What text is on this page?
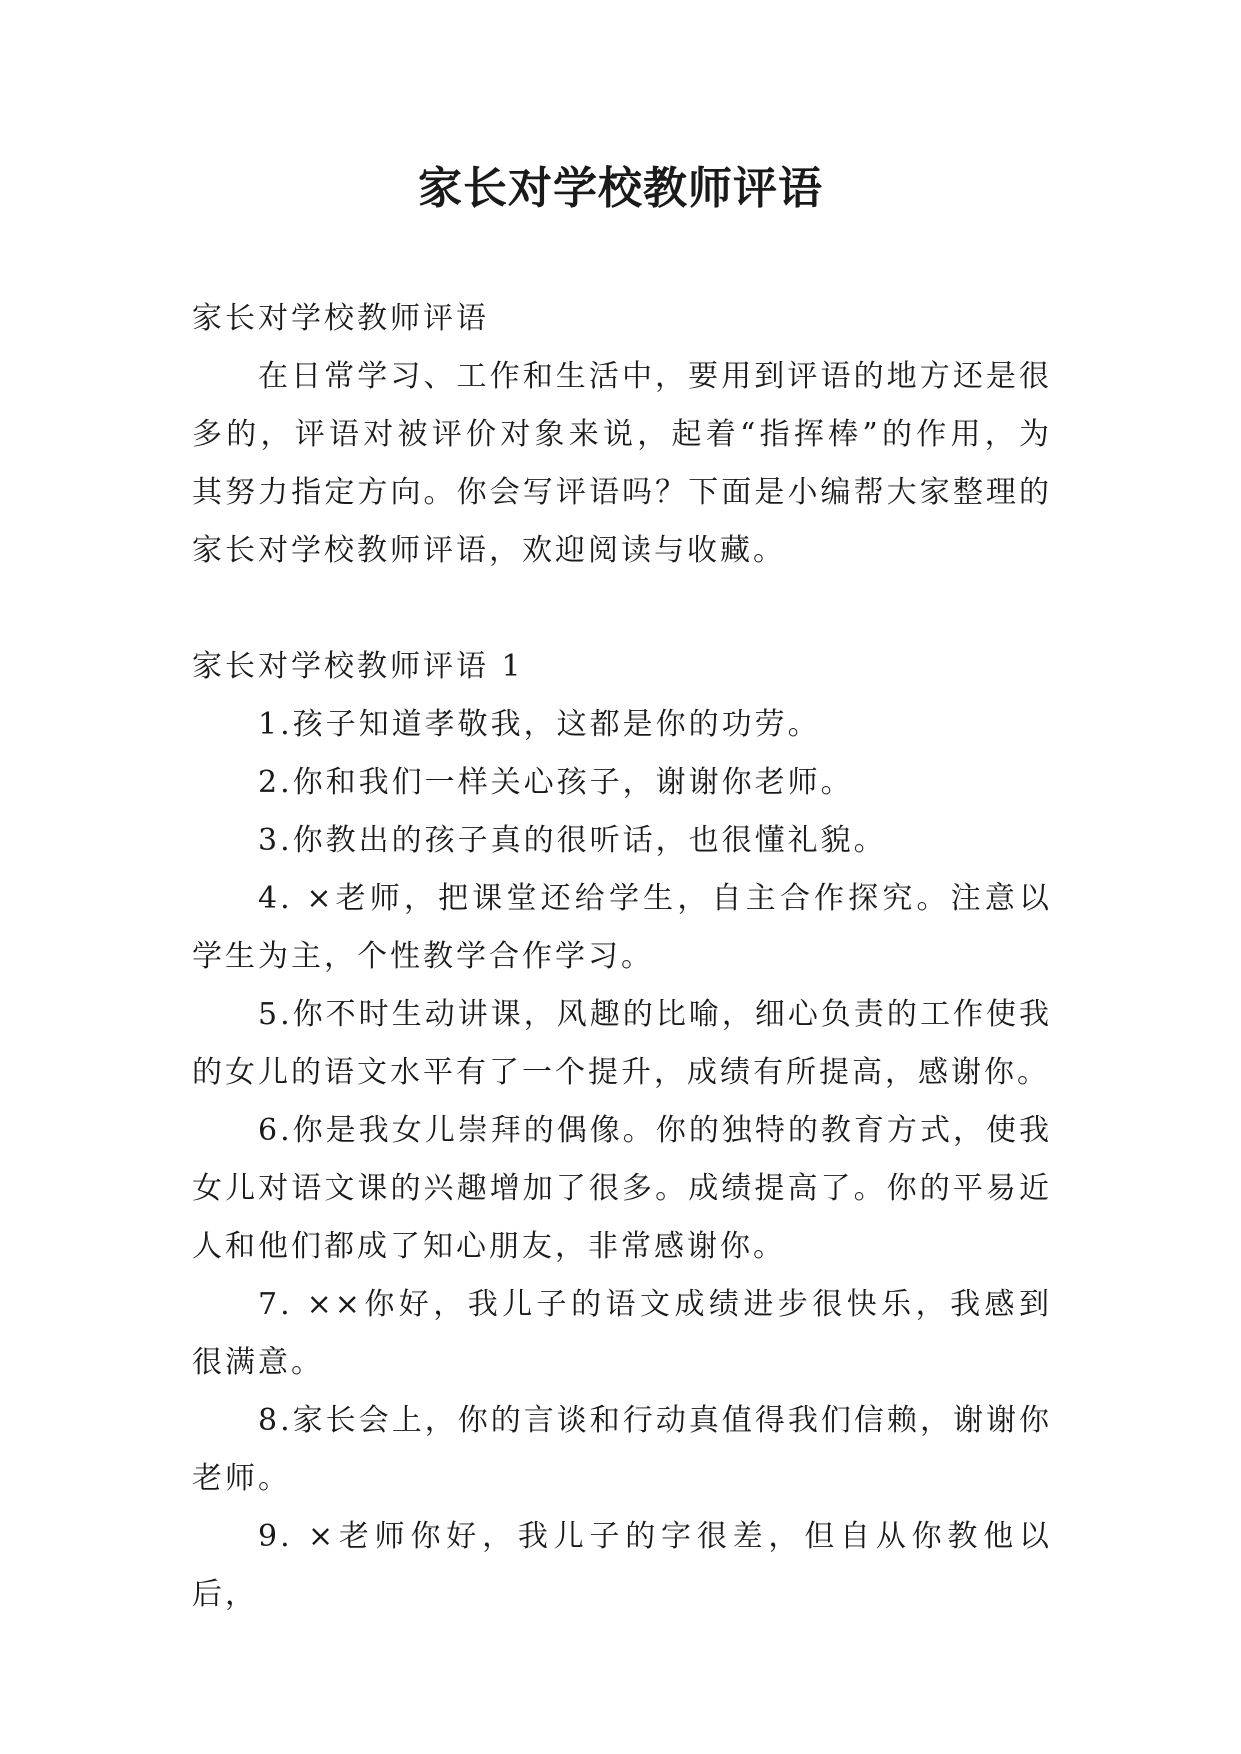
家长对学校教师评语

家长对学校教师评语

在日常学习、工作和生活中，要用到评语的地方还是很多的，评语对被评价对象来说，起着“指挥棒”的作用，为其努力指定方向。你会写评语吗？下面是小编帮大家整理的家长对学校教师评语，欢迎阅读与收藏。

家长对学校教师评语 1

1.孩子知道孝敬我，这都是你的功劳。

2.你和我们一样关心孩子，谢谢你老师。

3.你教出的孩子真的很听话，也很懂礼貌。

4. ×老师，把课堂还给学生，自主合作探究。注意以学生为主，个性教学合作学习。

5.你不时生动讲课，风趣的比喻，细心负责的工作使我的女儿的语文水平有了一个提升，成绩有所提高，感谢你。

6.你是我女儿崇拜的偶像。你的独特的教育方式，使我女儿对语文课的兴趣增加了很多。成绩提高了。你的平易近人和他们都成了知心朋友，非常感谢你。

7. ××你好，我儿子的语文成绩进步很快乐，我感到很满意。

8.家长会上，你的言谈和行动真值得我们信赖，谢谢你老师。

9. ×老师你好，我儿子的字很差，但自从你教他以后，
